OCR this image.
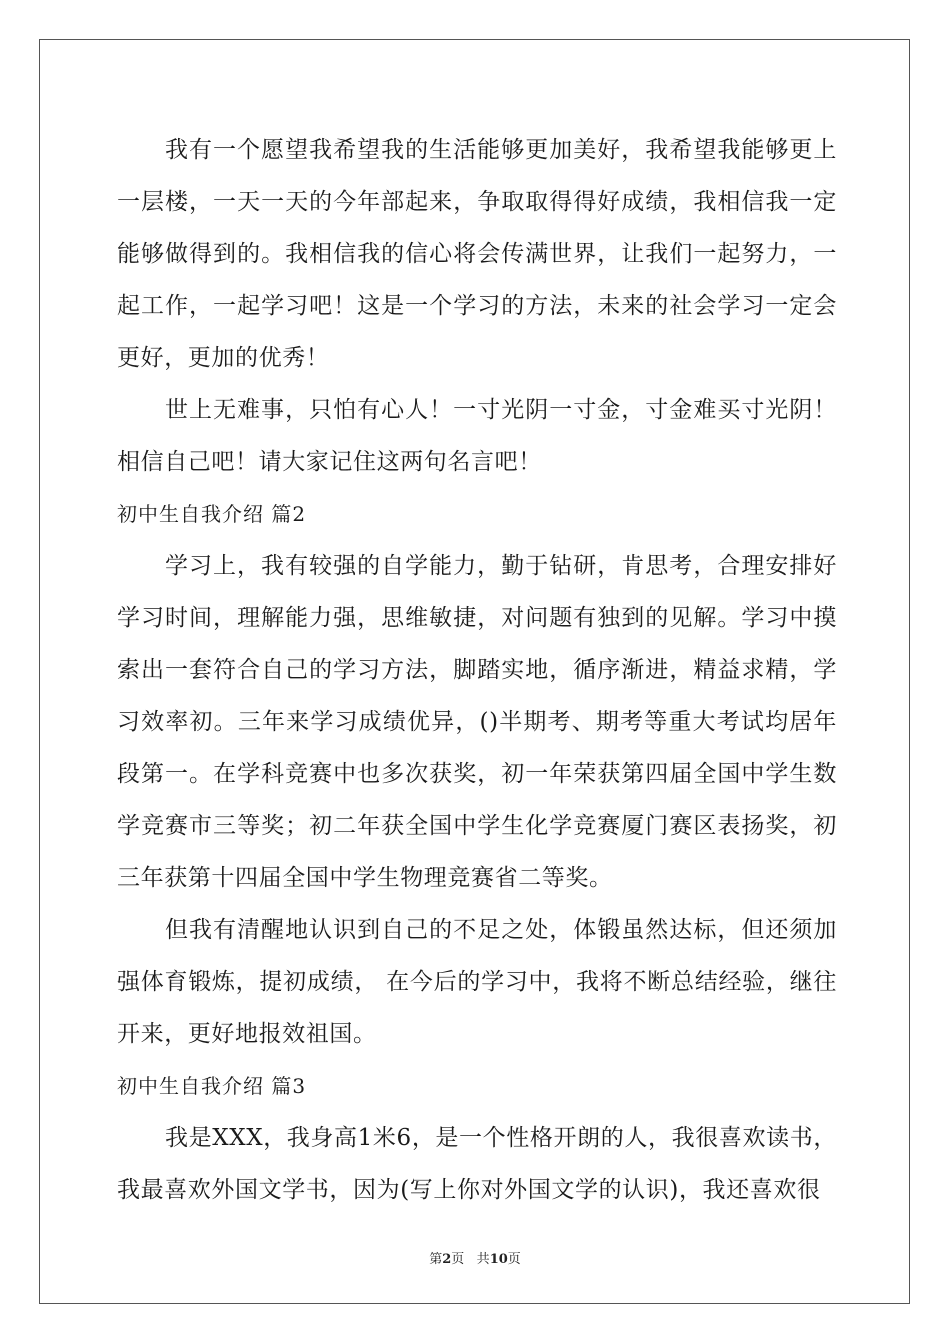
我有一个愿望我希望我的生活能够更加美好，我希望我能够更上一层楼，一天一天的今年部起来，争取取得得好成绩，我相信我一定能够做得到的。我相信我的信心将会传满世界，让我们一起努力，一起工作，一起学习吧！这是一个学习的方法，未来的社会学习一定会更好，更加的优秀！

世上无难事，只怕有心人！一寸光阴一寸金，寸金难买寸光阴！相信自己吧！请大家记住这两句名言吧！

初中生自我介绍 篇2

学习上，我有较强的自学能力，勤于钻研，肯思考，合理安排好学习时间，理解能力强，思维敏捷，对问题有独到的见解。学习中摸索出一套符合自己的学习方法，脚踏实地，循序渐进，精益求精，学习效率初。三年来学习成绩优异，()半期考、期考等重大考试均居年段第一。在学科竞赛中也多次获奖，初一年荣获第四届全国中学生数学竞赛市三等奖；初二年获全国中学生化学竞赛厦门赛区表扬奖，初三年获第十四届全国中学生物理竞赛省二等奖。

但我有清醒地认识到自己的不足之处，体锻虽然达标，但还须加强体育锻炼，提初成绩， 在今后的学习中，我将不断总结经验，继往开来，更好地报效祖国。

初中生自我介绍 篇3

我是XXX，我身高1米6，是一个性格开朗的人，我很喜欢读书，我最喜欢外国文学书，因为(写上你对外国文学的认识)，我还喜欢很

第2页 共10页
